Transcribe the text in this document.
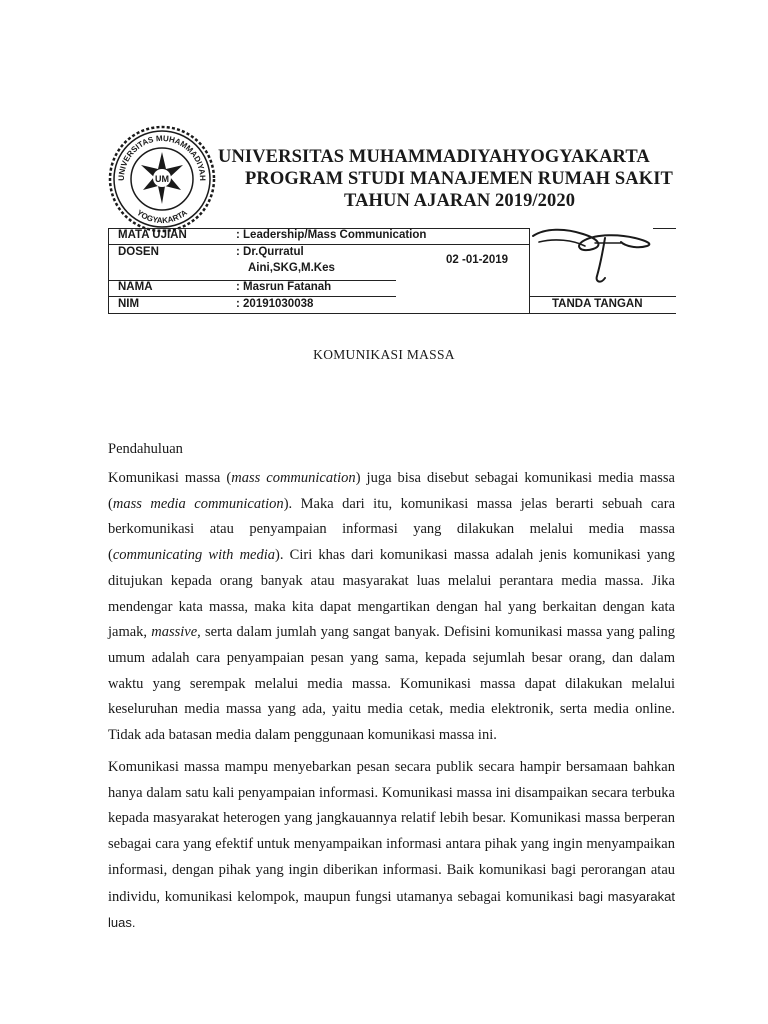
UNIVERSITAS MUHAMMADIYAH
YOGYAKARTA
UM
UNIVERSITAS MUHAMMADIYAHYOGYAKARTA
PROGRAM STUDI MANAJEMEN RUMAH SAKIT
TAHUN AJARAN 2019/2020
MATA UJIAN	: Leadership/Mass Communication
DOSEN	: Dr.Qurratul
Aini,SKG,M.Kes
02 -01-2019
NAMA	: Masrun Fatanah
NIM	: 20191030038	TANDA TANGAN
KOMUNIKASI MASSA
Pendahuluan
Komunikasi massa (mass communication) juga bisa disebut sebagai komunikasi media massa (mass media communication). Maka dari itu, komunikasi massa jelas berarti sebuah cara berkomunikasi atau penyampaian informasi yang dilakukan melalui media massa (communicating with media). Ciri khas dari komunikasi massa adalah jenis komunikasi yang ditujukan kepada orang banyak atau masyarakat luas melalui perantara media massa. Jika mendengar kata massa, maka kita dapat mengartikan dengan hal yang berkaitan dengan kata jamak, massive, serta dalam jumlah yang sangat banyak. Defisini komunikasi massa yang paling umum adalah cara penyampaian pesan yang sama, kepada sejumlah besar orang, dan dalam waktu yang serempak melalui media massa. Komunikasi massa dapat dilakukan melalui keseluruhan media massa yang ada, yaitu media cetak, media elektronik, serta media online. Tidak ada batasan media dalam penggunaan komunikasi massa ini.
Komunikasi massa mampu menyebarkan pesan secara publik secara hampir bersamaan bahkan hanya dalam satu kali penyampaian informasi. Komunikasi massa ini disampaikan secara terbuka kepada masyarakat heterogen yang jangkauannya relatif lebih besar. Komunikasi massa berperan sebagai cara yang efektif untuk menyampaikan informasi antara pihak yang ingin menyampaikan informasi, dengan pihak yang ingin diberikan informasi. Baik komunikasi bagi perorangan atau individu, komunikasi kelompok, maupun fungsi utamanya sebagai komunikasi bagi masyarakat luas.
